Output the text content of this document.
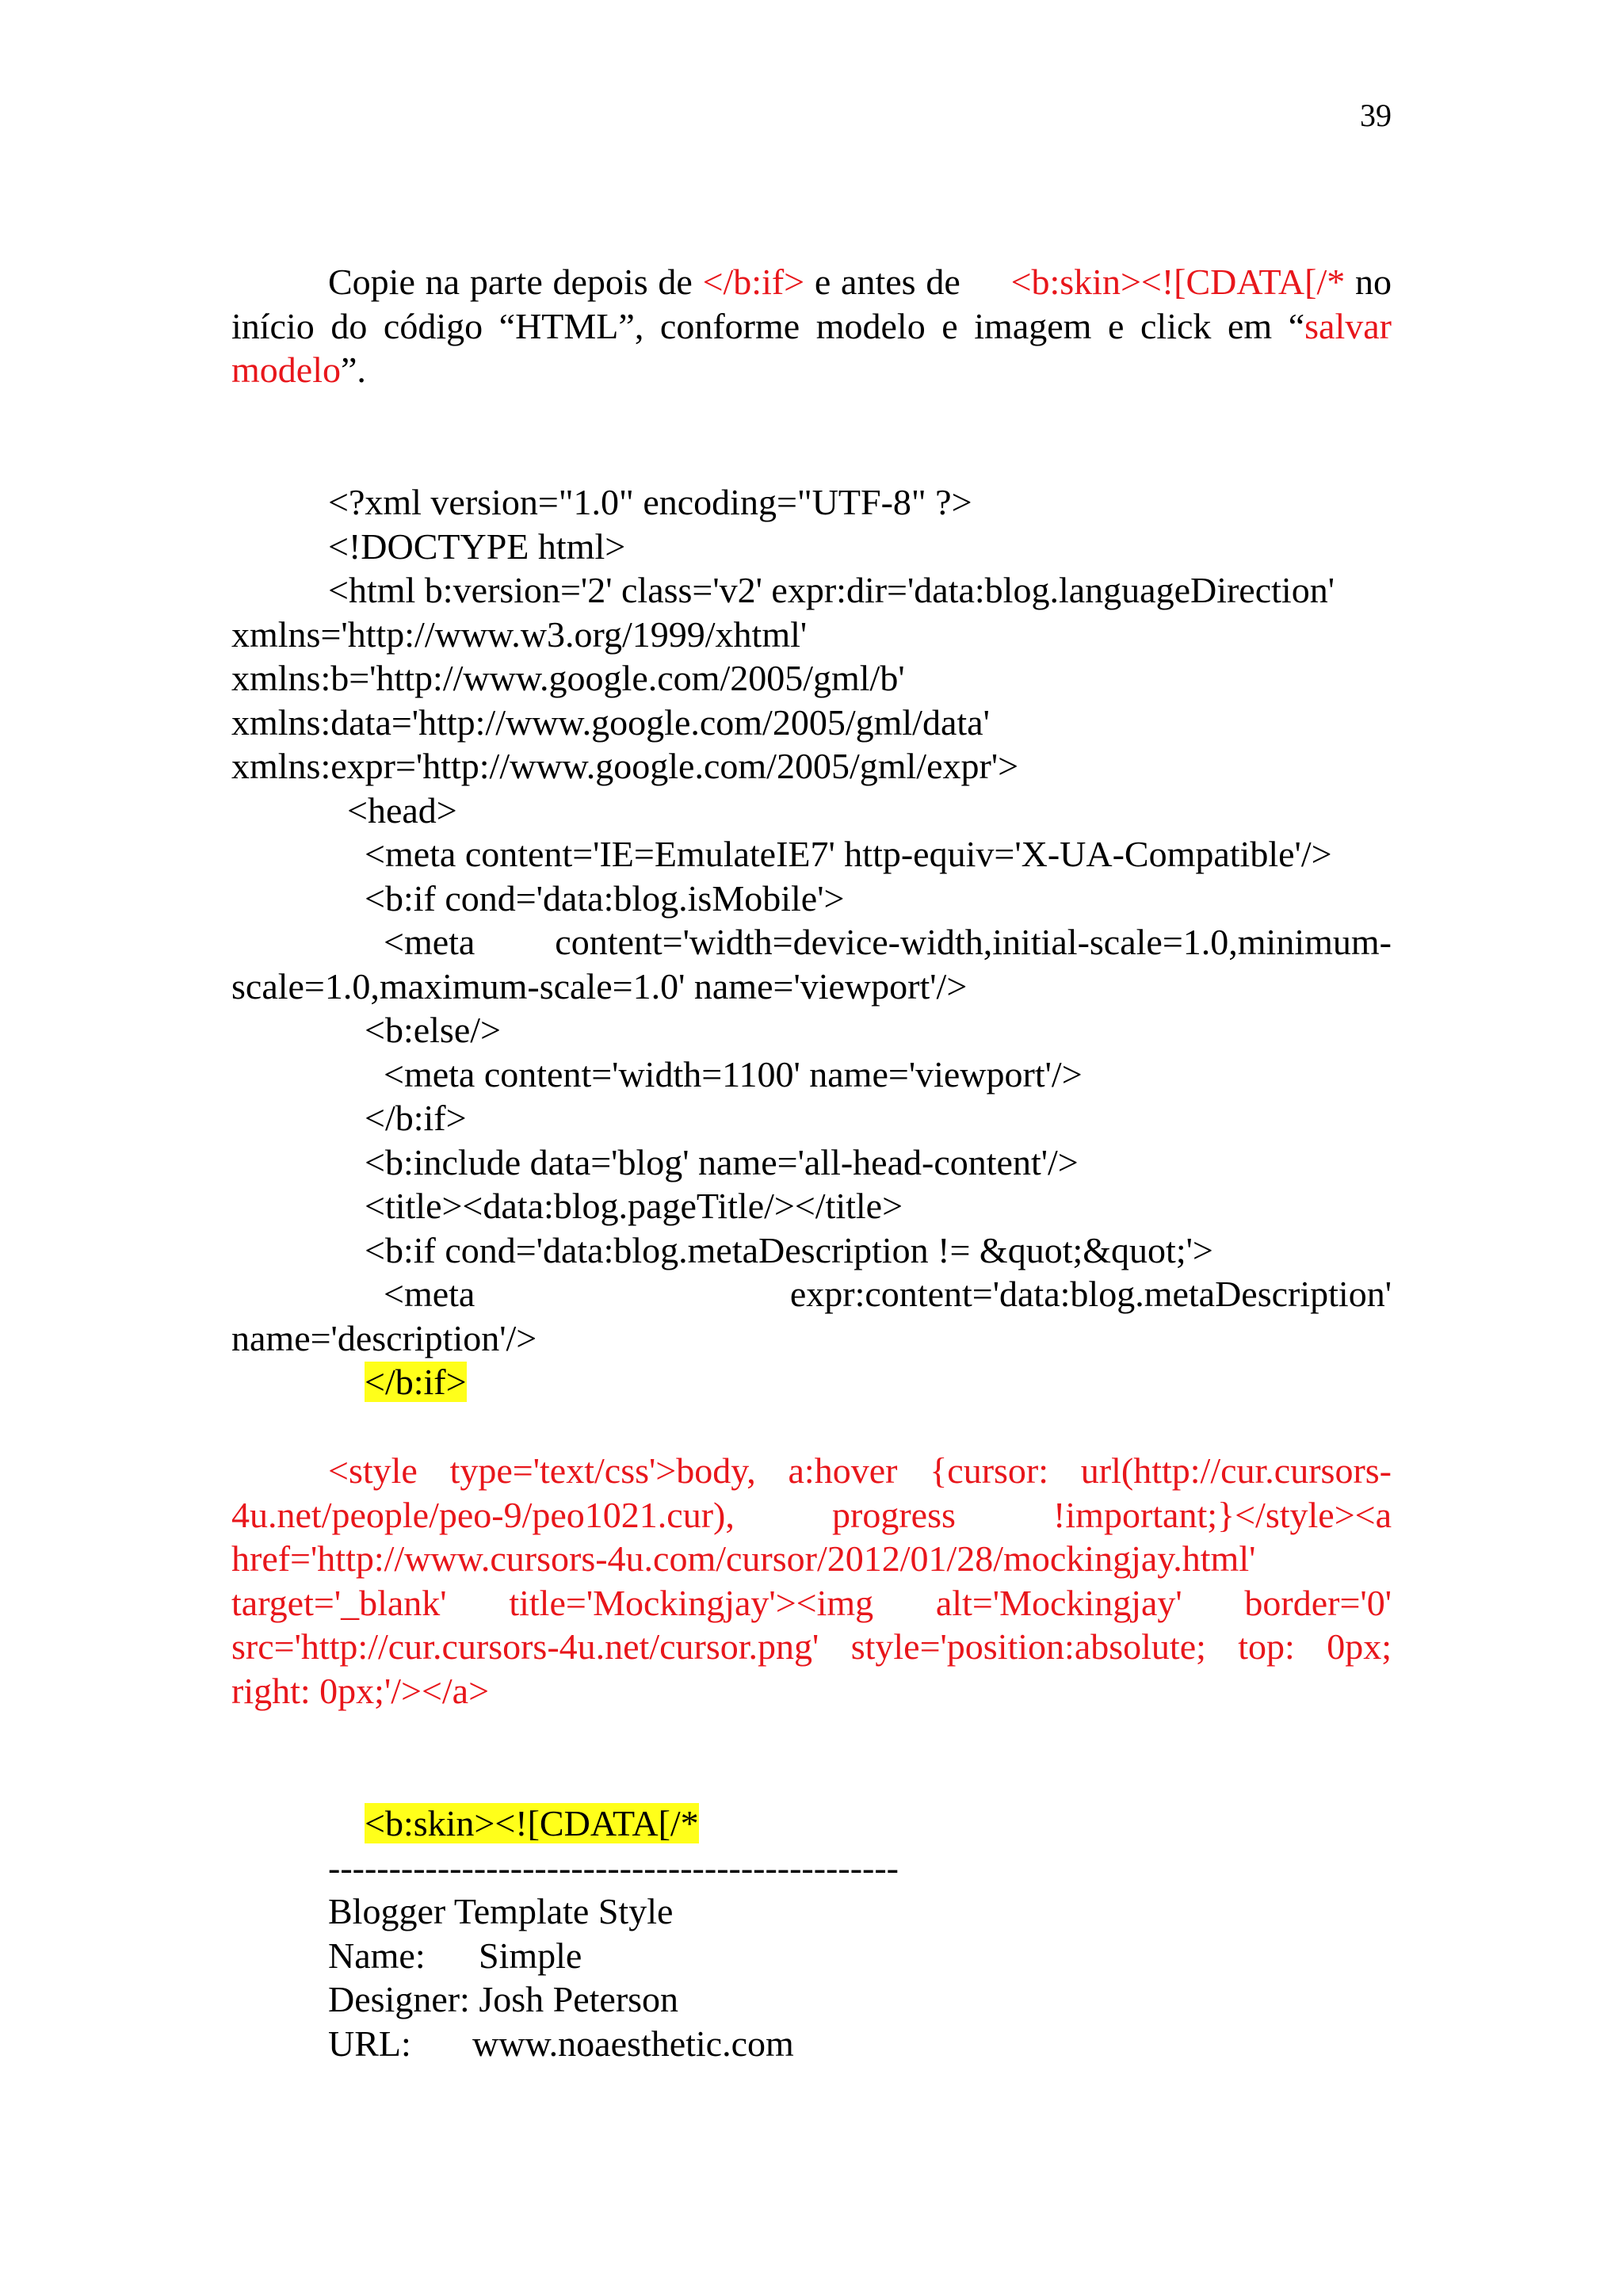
39
Copie na parte depois de </b:if> e antes de     <b:skin><![CDATA[/* no início do código “HTML”, conforme modelo e imagem e click em “salvar modelo”.
<?xml version="1.0" encoding="UTF-8" ?>
<!DOCTYPE html>
<html b:version='2' class='v2' expr:dir='data:blog.languageDirection'
xmlns='http://www.w3.org/1999/xhtml'
xmlns:b='http://www.google.com/2005/gml/b'
xmlns:data='http://www.google.com/2005/gml/data'
xmlns:expr='http://www.google.com/2005/gml/expr'>
<head>
<meta content='IE=EmulateIE7' http-equiv='X-UA-Compatible'/>
<b:if cond='data:blog.isMobile'>
<meta content='width=device-width,initial-scale=1.0,minimum-
scale=1.0,maximum-scale=1.0' name='viewport'/>
<b:else/>
<meta content='width=1100' name='viewport'/>
</b:if>
<b:include data='blog' name='all-head-content'/>
<title><data:blog.pageTitle/></title>
<b:if cond='data:blog.metaDescription != &quot;&quot;'>
<meta	expr:content='data:blog.metaDescription'
name='description'/>
</b:if>
<style type='text/css'>body, a:hover {cursor: url(http://cur.cursors-4u.net/people/peo-9/peo1021.cur), progress !important;}</style><a href='http://www.cursors-4u.com/cursor/2012/01/28/mockingjay.html' target='_blank' title='Mockingjay'><img alt='Mockingjay' border='0' src='http://cur.cursors-4u.net/cursor.png' style='position:absolute; top: 0px; right: 0px;'/></a>
<b:skin><![CDATA[/*
-----------------------------------------------
Blogger Template Style
Name: Simple
Designer: Josh Peterson
URL: www.noaesthetic.com
